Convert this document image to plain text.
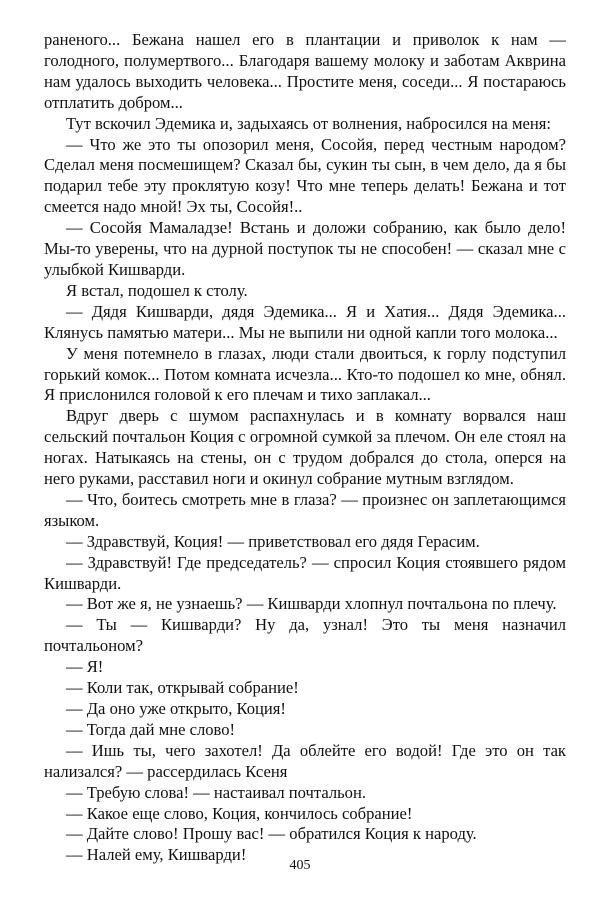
раненого... Бежана нашел его в плантации и приволок к нам — голодного, полумертвого... Благодаря вашему молоку и заботам Акврина нам удалось выходить человека... Простите меня, соседи... Я постараюсь отплатить добром...

Тут вскочил Эдемика и, задыхаясь от волнения, набросился на меня:

— Что же это ты опозорил меня, Сосойя, перед честным народом? Сделал меня посмешищем? Сказал бы, сукин ты сын, в чем дело, да я бы подарил тебе эту проклятую козу! Что мне теперь делать! Бежана и тот смеется надо мной! Эх ты, Сосойя!..

— Сосойя Мамаладзе! Встань и доложи собранию, как было дело! Мы-то уверены, что на дурной поступок ты не способен! — сказал мне с улыбкой Кишварди.

Я встал, подошел к столу.

— Дядя Кишварди, дядя Эдемика... Я и Хатия... Дядя Эдемика... Клянусь памятью матери... Мы не выпили ни одной капли того молока...

У меня потемнело в глазах, люди стали двоиться, к горлу подступил горький комок... Потом комната исчезла... Кто-то подошел ко мне, обнял. Я прислонился головой к его плечам и тихо заплакал...

Вдруг дверь с шумом распахнулась и в комнату ворвался наш сельский почтальон Коция с огромной сумкой за плечом. Он еле стоял на ногах. Натыкаясь на стены, он с трудом добрался до стола, оперся на него руками, расставил ноги и окинул собрание мутным взглядом.

— Что, боитесь смотреть мне в глаза? — произнес он заплетающимся языком.

— Здравствуй, Коция! — приветствовал его дядя Герасим.

— Здравствуй! Где председатель? — спросил Коция стоявшего рядом Кишварди.

— Вот же я, не узнаешь? — Кишварди хлопнул почтальона по плечу.

— Ты — Кишварди? Ну да, узнал! Это ты меня назначил почтальоном?

— Я!

— Коли так, открывай собрание!

— Да оно уже открыто, Коция!

— Тогда дай мне слово!

— Ишь ты, чего захотел! Да облейте его водой! Где это он так нализался? — рассердилась Ксеня

— Требую слова! — настаивал почтальон.

— Какое еще слово, Коция, кончилось собрание!

— Дайте слово! Прошу вас! — обратился Коция к народу.

— Налей ему, Кишварди!

405
